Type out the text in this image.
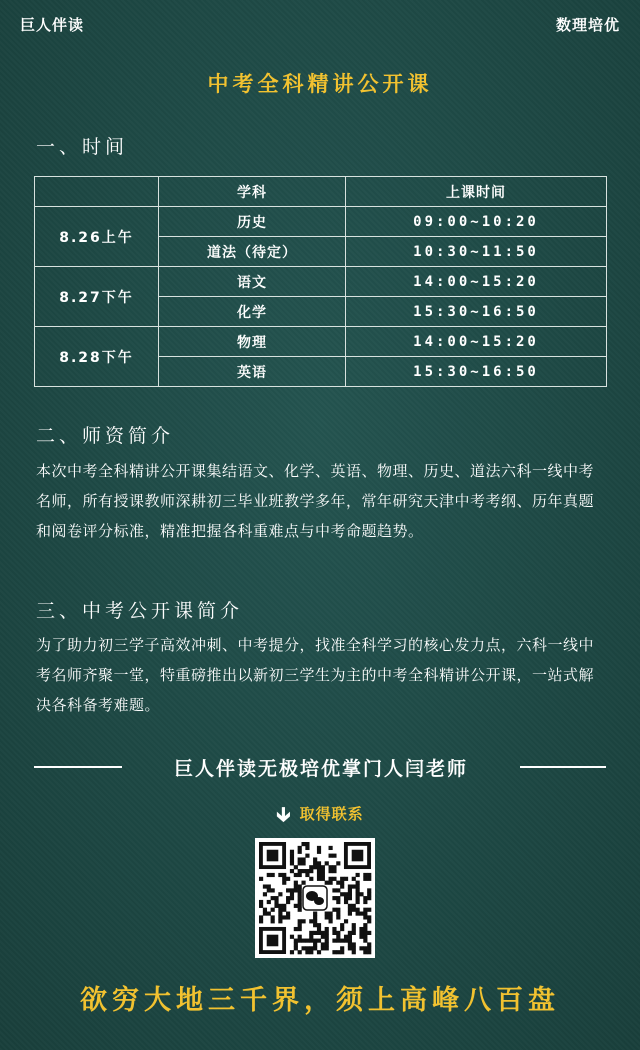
巨人伴读	数理培优
中考全科精讲公开课
一、时间
	学科	上课时间
8.26上午	历史	09:00~10:20
	道法（待定）	10:30~11:50
8.27下午	语文	14:00~15:20
	化学	15:30~16:50
8.28下午	物理	14:00~15:20
	英语	15:30~16:50
二、师资简介

本次中考全科精讲公开课集结语文、化学、英语、物理、历史、道法六科一线中考名师，所有授课教师深耕初三毕业班教学多年，常年研究天津中考考纲、历年真题和阅卷评分标准，精准把握各科重难点与中考命题趋势。

三、中考公开课简介

为了助力初三学子高效冲刺、中考提分，找准全科学习的核心发力点，六科一线中考名师齐聚一堂，特重磅推出以新初三学生为主的中考全科精讲公开课，一站式解决各科备考难题。

巨人伴读无极培优掌门人闫老师
🡳 取得联系
欲穷大地三千界，须上高峰八百盘
